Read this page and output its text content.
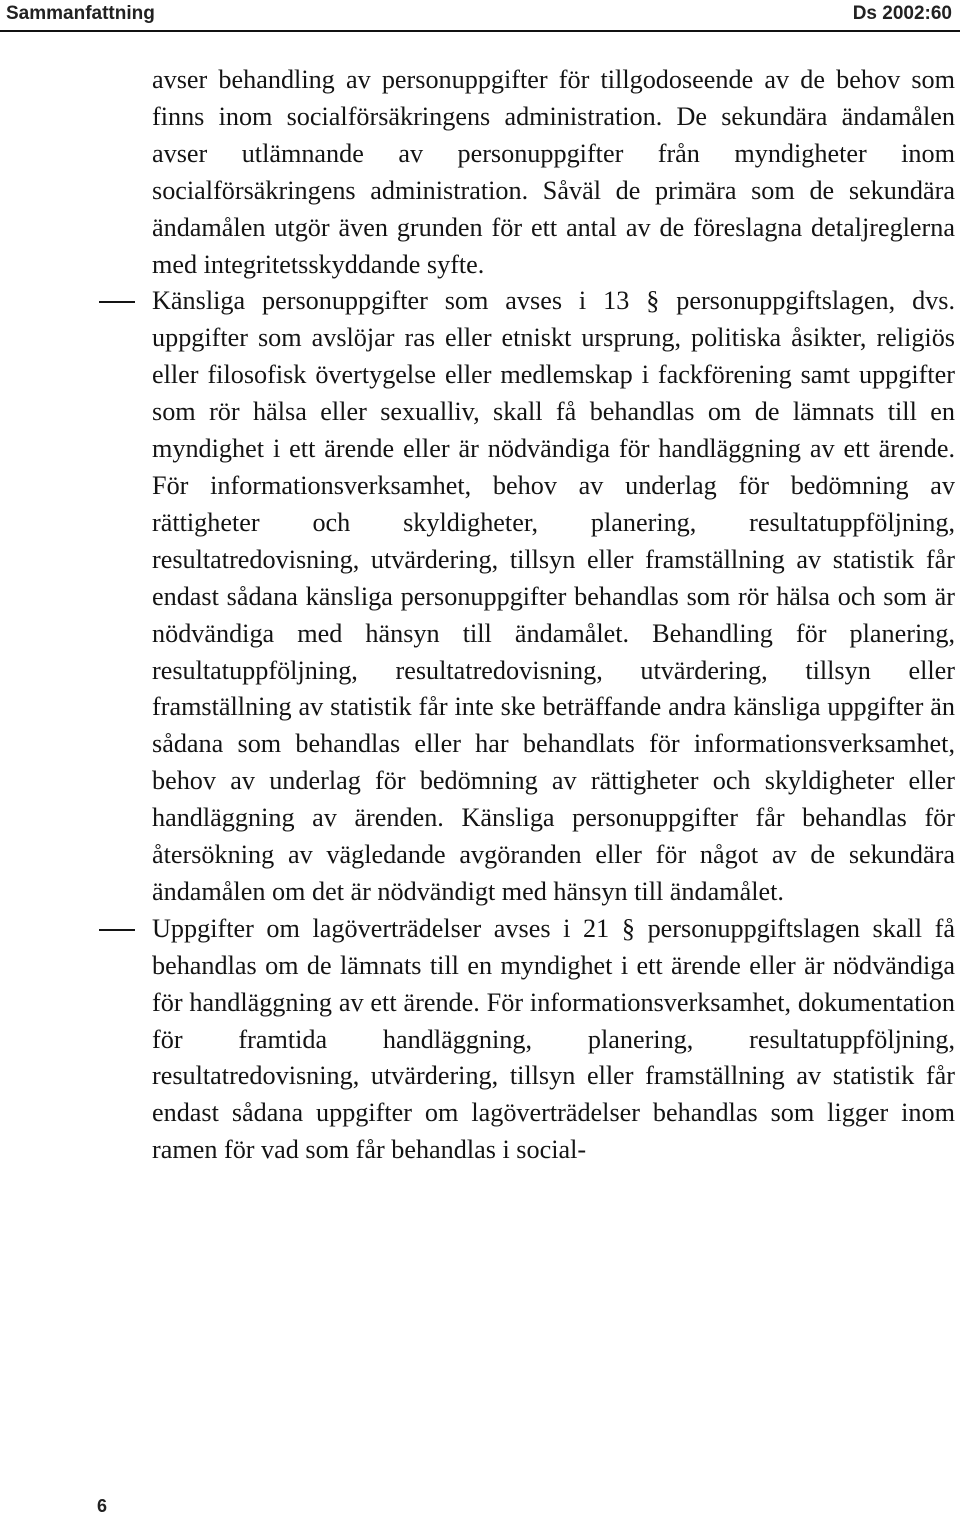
Sammanfattning	Ds 2002:60

avser behandling av personuppgifter för tillgodoseende av de behov som finns inom socialförsäkringens administration. De sekundära ändamålen avser utlämnande av personuppgifter från myndigheter inom socialförsäkringens administration. Såväl de primära som de sekundära ändamålen utgör även grunden för ett antal av de föreslagna detaljreglerna med integritetsskyddande syfte.

Känsliga personuppgifter som avses i 13 § personuppgiftslagen, dvs. uppgifter som avslöjar ras eller etniskt ursprung, politiska åsikter, religiös eller filosofisk övertygelse eller medlemskap i fackförening samt uppgifter som rör hälsa eller sexualliv, skall få behandlas om de lämnats till en myndighet i ett ärende eller är nödvändiga för handläggning av ett ärende. För informationsverksamhet, behov av underlag för bedömning av rättigheter och skyldigheter, planering, resultatuppföljning, resultatredovisning, utvärdering, tillsyn eller framställning av statistik får endast sådana känsliga personuppgifter behandlas som rör hälsa och som är nödvändiga med hänsyn till ändamålet. Behandling för planering, resultatuppföljning, resultatredovisning, utvärdering, tillsyn eller framställning av statistik får inte ske beträffande andra känsliga uppgifter än sådana som behandlas eller har behandlats för informationsverksamhet, behov av underlag för bedömning av rättigheter och skyldigheter eller handläggning av ärenden. Känsliga personuppgifter får behandlas för återsökning av vägledande avgöranden eller för något av de sekundära ändamålen om det är nödvändigt med hänsyn till ändamålet.

Uppgifter om lagöverträdelser avses i 21 § personuppgiftslagen skall få behandlas om de lämnats till en myndighet i ett ärende eller är nödvändiga för handläggning av ett ärende. För informationsverksamhet, dokumentation för framtida handläggning, planering, resultatuppföljning, resultatredovisning, utvärdering, tillsyn eller framställning av statistik får endast sådana uppgifter om lagöverträdelser behandlas som ligger inom ramen för vad som får behandlas i social-

6
